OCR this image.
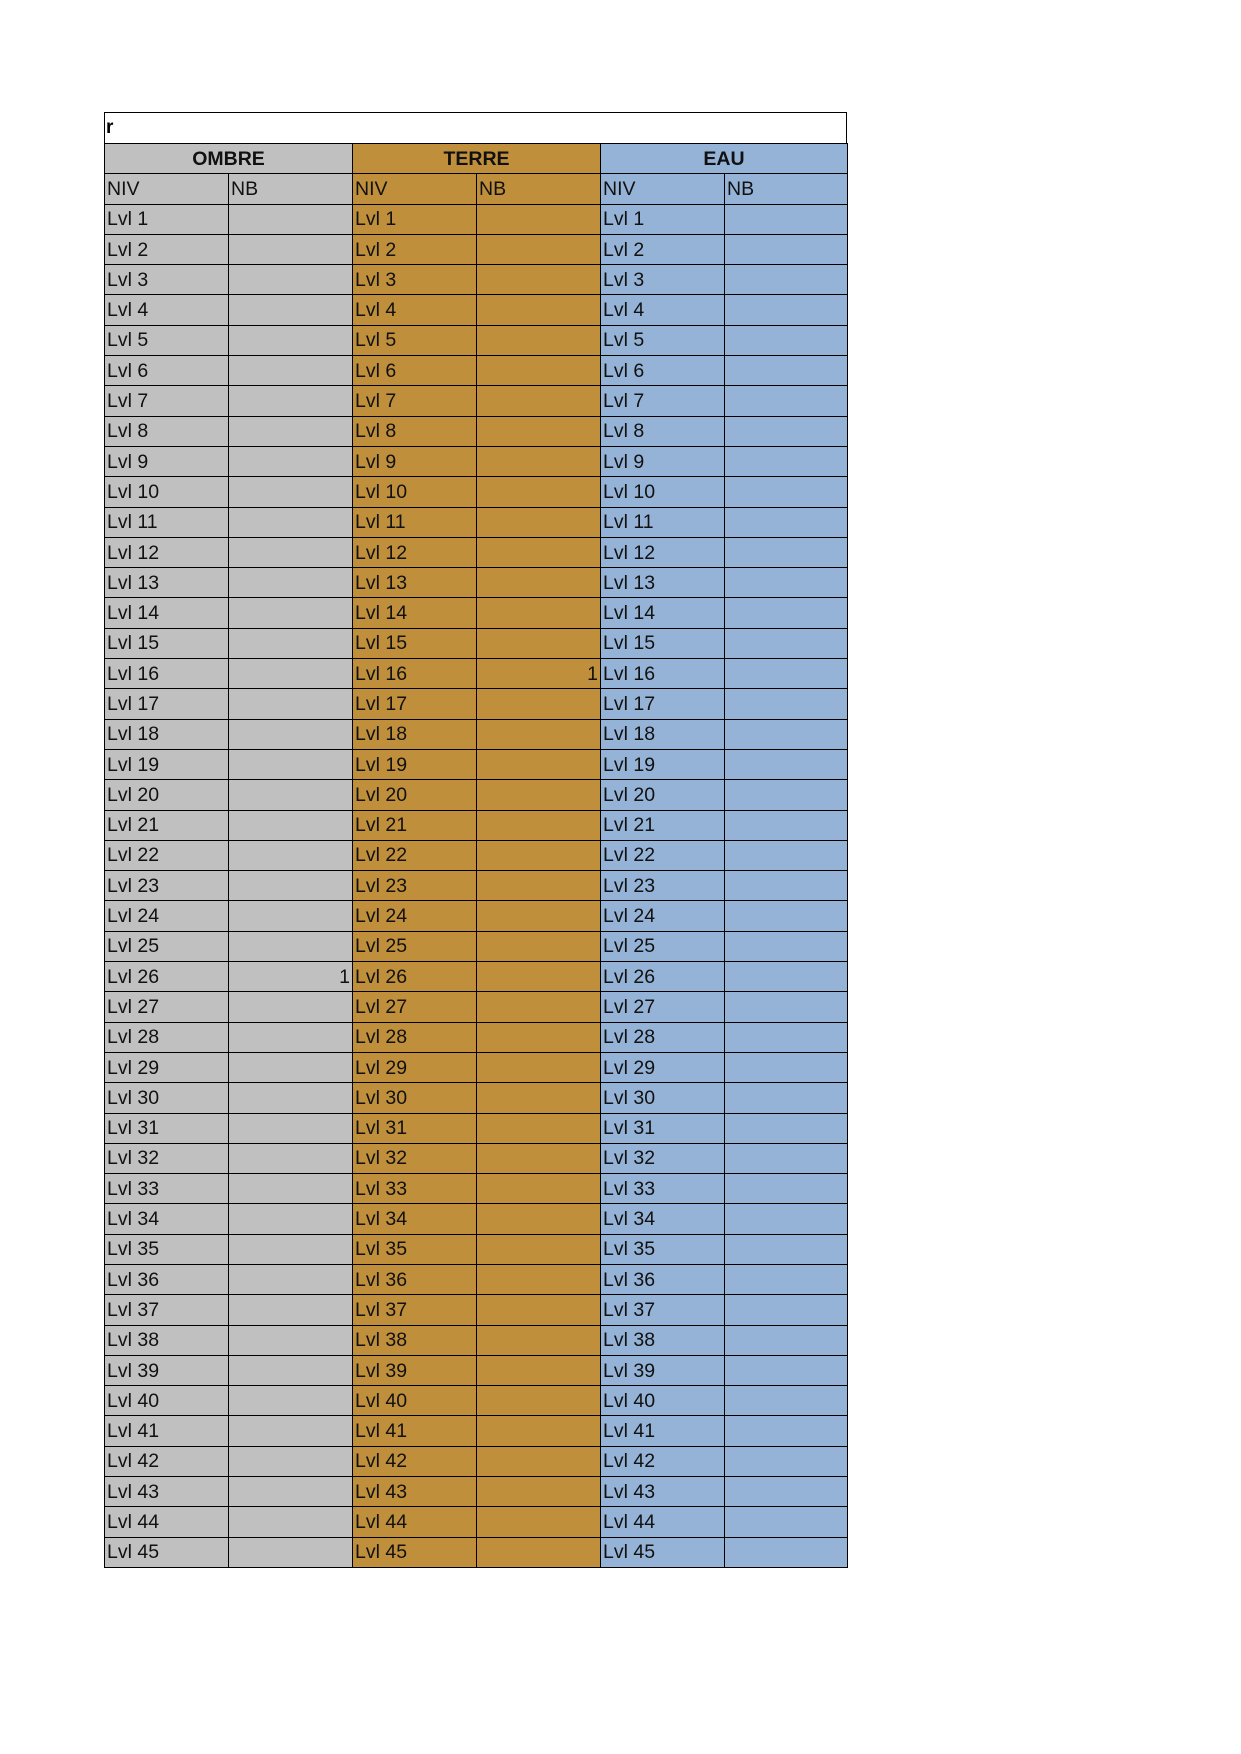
r
OMBRE		TERRE		EAU	
NIV	NB	NIV	NB	NIV	NB
Lvl 1		Lvl 1		Lvl 1	
Lvl 2		Lvl 2		Lvl 2	
Lvl 3		Lvl 3		Lvl 3	
Lvl 4		Lvl 4		Lvl 4	
Lvl 5		Lvl 5		Lvl 5	
Lvl 6		Lvl 6		Lvl 6	
Lvl 7		Lvl 7		Lvl 7	
Lvl 8		Lvl 8		Lvl 8	
Lvl 9		Lvl 9		Lvl 9	
Lvl 10		Lvl 10		Lvl 10	
Lvl 11		Lvl 11		Lvl 11	
Lvl 12		Lvl 12		Lvl 12	
Lvl 13		Lvl 13		Lvl 13	
Lvl 14		Lvl 14		Lvl 14	
Lvl 15		Lvl 15		Lvl 15	
Lvl 16		Lvl 16	1	Lvl 16	
Lvl 17		Lvl 17		Lvl 17	
Lvl 18		Lvl 18		Lvl 18	
Lvl 19		Lvl 19		Lvl 19	
Lvl 20		Lvl 20		Lvl 20	
Lvl 21		Lvl 21		Lvl 21	
Lvl 22		Lvl 22		Lvl 22	
Lvl 23		Lvl 23		Lvl 23	
Lvl 24		Lvl 24		Lvl 24	
Lvl 25		Lvl 25		Lvl 25	
Lvl 26	1	Lvl 26		Lvl 26	
Lvl 27		Lvl 27		Lvl 27	
Lvl 28		Lvl 28		Lvl 28	
Lvl 29		Lvl 29		Lvl 29	
Lvl 30		Lvl 30		Lvl 30	
Lvl 31		Lvl 31		Lvl 31	
Lvl 32		Lvl 32		Lvl 32	
Lvl 33		Lvl 33		Lvl 33	
Lvl 34		Lvl 34		Lvl 34	
Lvl 35		Lvl 35		Lvl 35	
Lvl 36		Lvl 36		Lvl 36	
Lvl 37		Lvl 37		Lvl 37	
Lvl 38		Lvl 38		Lvl 38	
Lvl 39		Lvl 39		Lvl 39	
Lvl 40		Lvl 40		Lvl 40	
Lvl 41		Lvl 41		Lvl 41	
Lvl 42		Lvl 42		Lvl 42	
Lvl 43		Lvl 43		Lvl 43	
Lvl 44		Lvl 44		Lvl 44	
Lvl 45		Lvl 45		Lvl 45	
